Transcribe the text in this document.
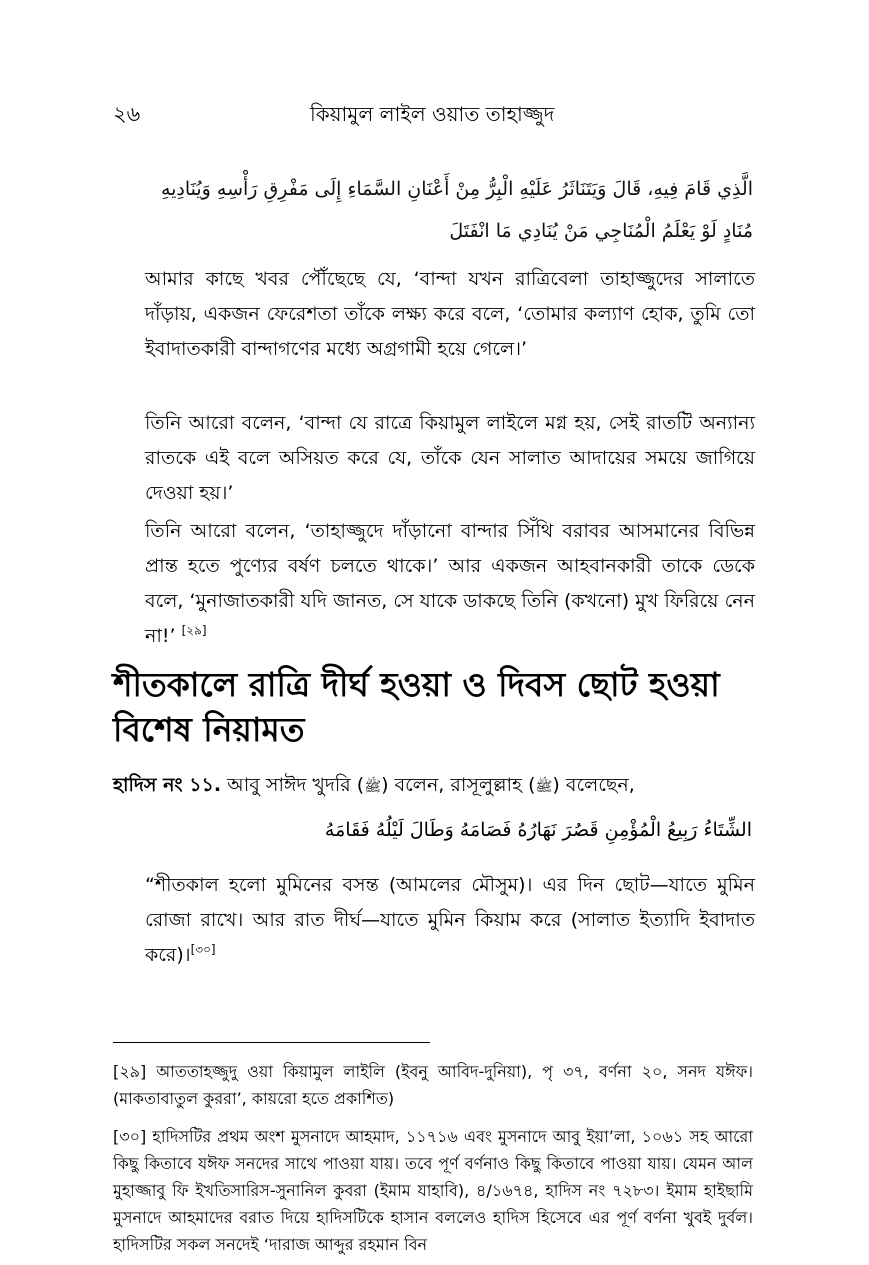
২৬	কিয়ামুল লাইল ওয়াত তাহাজ্জুদ
الَّذِي قَامَ فِيهِ، قَالَ وَيَتَنَاثَرُ عَلَيْهِ الْبِرُّ مِنْ أَعْنَانِ السَّمَاءِ إِلَى مَفْرِقِ رَأْسِهِ وَيُنَادِيهِ
مُنَادٍ لَوْ يَعْلَمُ الْمُنَاجِي مَنْ يُنَادِي مَا انْفَتَلَ

আমার কাছে খবর পৌঁছেছে যে, ‘বান্দা যখন রাত্রিবেলা তাহাজ্জুদের সালাতে দাঁড়ায়, একজন ফেরেশতা তাঁকে লক্ষ্য করে বলে, ‘তোমার কল্যাণ হোক, তুমি তো ইবাদাতকারী বান্দাগণের মধ্যে অগ্রগামী হয়ে গেলে।’

তিনি আরো বলেন, ‘বান্দা যে রাত্রে কিয়ামুল লাইলে মগ্ন হয়, সেই রাতটি অন্যান্য রাতকে এই বলে অসিয়ত করে যে, তাঁকে যেন সালাত আদায়ের সময়ে জাগিয়ে দেওয়া হয়।’

তিনি আরো বলেন, ‘তাহাজ্জুদে দাঁড়ানো বান্দার সিঁথি বরাবর আসমানের বিভিন্ন প্রান্ত হতে পুণ্যের বর্ষণ চলতে থাকে।’ আর একজন আহবানকারী তাকে ডেকে বলে, ‘মুনাজাতকারী যদি জানত, সে যাকে ডাকছে তিনি (কখনো) মুখ ফিরিয়ে নেন না!’ [২৯]

শীতকালে রাত্রি দীর্ঘ হওয়া ও দিবস ছোট হওয়া বিশেষ নিয়ামত
হাদিস নং ১১. আবু সাঈদ খুদরি (ﷺ) বলেন, রাসূলুল্লাহ (ﷺ) বলেছেন,
الشِّتَاءُ رَبِيعُ الْمُؤْمِنِ قَصُرَ نَهَارُهُ فَصَامَهُ وَطَالَ لَيْلُهُ فَقَامَهُ

“শীতকাল হলো মুমিনের বসন্ত (আমলের মৌসুম)। এর দিন ছোট—যাতে মুমিন রোজা রাখে। আর রাত দীর্ঘ—যাতে মুমিন কিয়াম করে (সালাত ইত্যাদি ইবাদাত করে)।[৩০]

[২৯] আততাহজ্জুদু ওয়া কিয়ামুল লাইলি (ইবনু আবিদ-দুনিয়া), পৃ ৩৭, বর্ণনা ২০, সনদ যঈফ। (মাকতাবাতুল কুররা’, কায়রো হতে প্রকাশিত)

[৩০] হাদিসটির প্রথম অংশ মুসনাদে আহমাদ, ১১৭১৬ এবং মুসনাদে আবু ইয়া’লা, ১০৬১ সহ আরো কিছু কিতাবে যঈফ সনদের সাথে পাওয়া যায়। তবে পূর্ণ বর্ণনাও কিছু কিতাবে পাওয়া যায়। যেমন আল মুহাজ্জাবু ফি ইখতিসারিস-সুনানিল কুবরা (ইমাম যাহাবি), ৪/১৬৭৪, হাদিস নং ৭২৮৩। ইমাম হাইছামি মুসনাদে আহমাদের বরাত দিয়ে হাদিসটিকে হাসান বললেও হাদিস হিসেবে এর পূর্ণ বর্ণনা খুবই দুর্বল। হাদিসটির সকল সনদেই ‘দারাজ আব্দুর রহমান বিন
